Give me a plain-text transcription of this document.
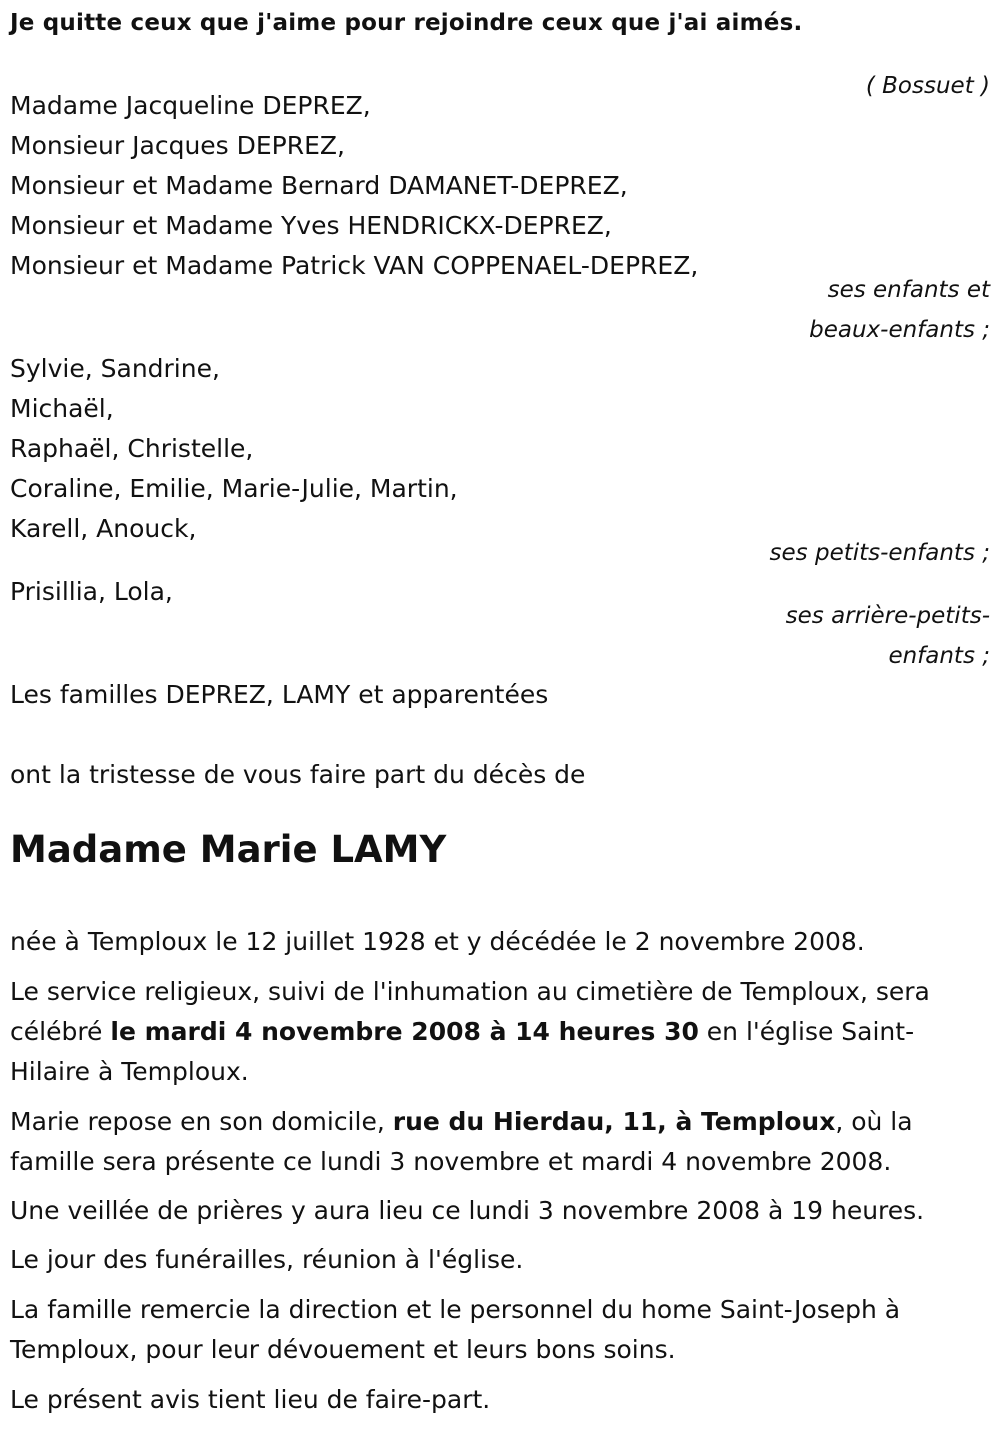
Je quitte ceux que j'aime pour rejoindre ceux que j'ai aimés.
( Bossuet )
Madame Jacqueline DEPREZ,
Monsieur Jacques DEPREZ,
Monsieur et Madame Bernard DAMANET-DEPREZ,
Monsieur et Madame Yves HENDRICKX-DEPREZ,
Monsieur et Madame Patrick VAN COPPENAEL-DEPREZ,
ses enfants et
beaux-enfants ;
Sylvie, Sandrine,
Michaël,
Raphaël, Christelle,
Coraline, Emilie, Marie-Julie, Martin,
Karell, Anouck,
ses petits-enfants ;
Prisillia, Lola,
ses arrière-petits-
enfants ;
Les familles DEPREZ, LAMY et apparentées
ont la tristesse de vous faire part du décès de
Madame Marie LAMY
née à Temploux le 12 juillet 1928 et y décédée le 2 novembre 2008.
Le service religieux, suivi de l'inhumation au cimetière de Temploux, sera célébré le mardi 4 novembre 2008 à 14 heures 30 en l'église Saint-Hilaire à Temploux.
Marie repose en son domicile, rue du Hierdau, 11, à Temploux, où la famille sera présente ce lundi 3 novembre et mardi 4 novembre 2008.
Une veillée de prières y aura lieu ce lundi 3 novembre 2008 à 19 heures.
Le jour des funérailles, réunion à l'église.
La famille remercie la direction et le personnel du home Saint-Joseph à Temploux, pour leur dévouement et leurs bons soins.
Le présent avis tient lieu de faire-part.
